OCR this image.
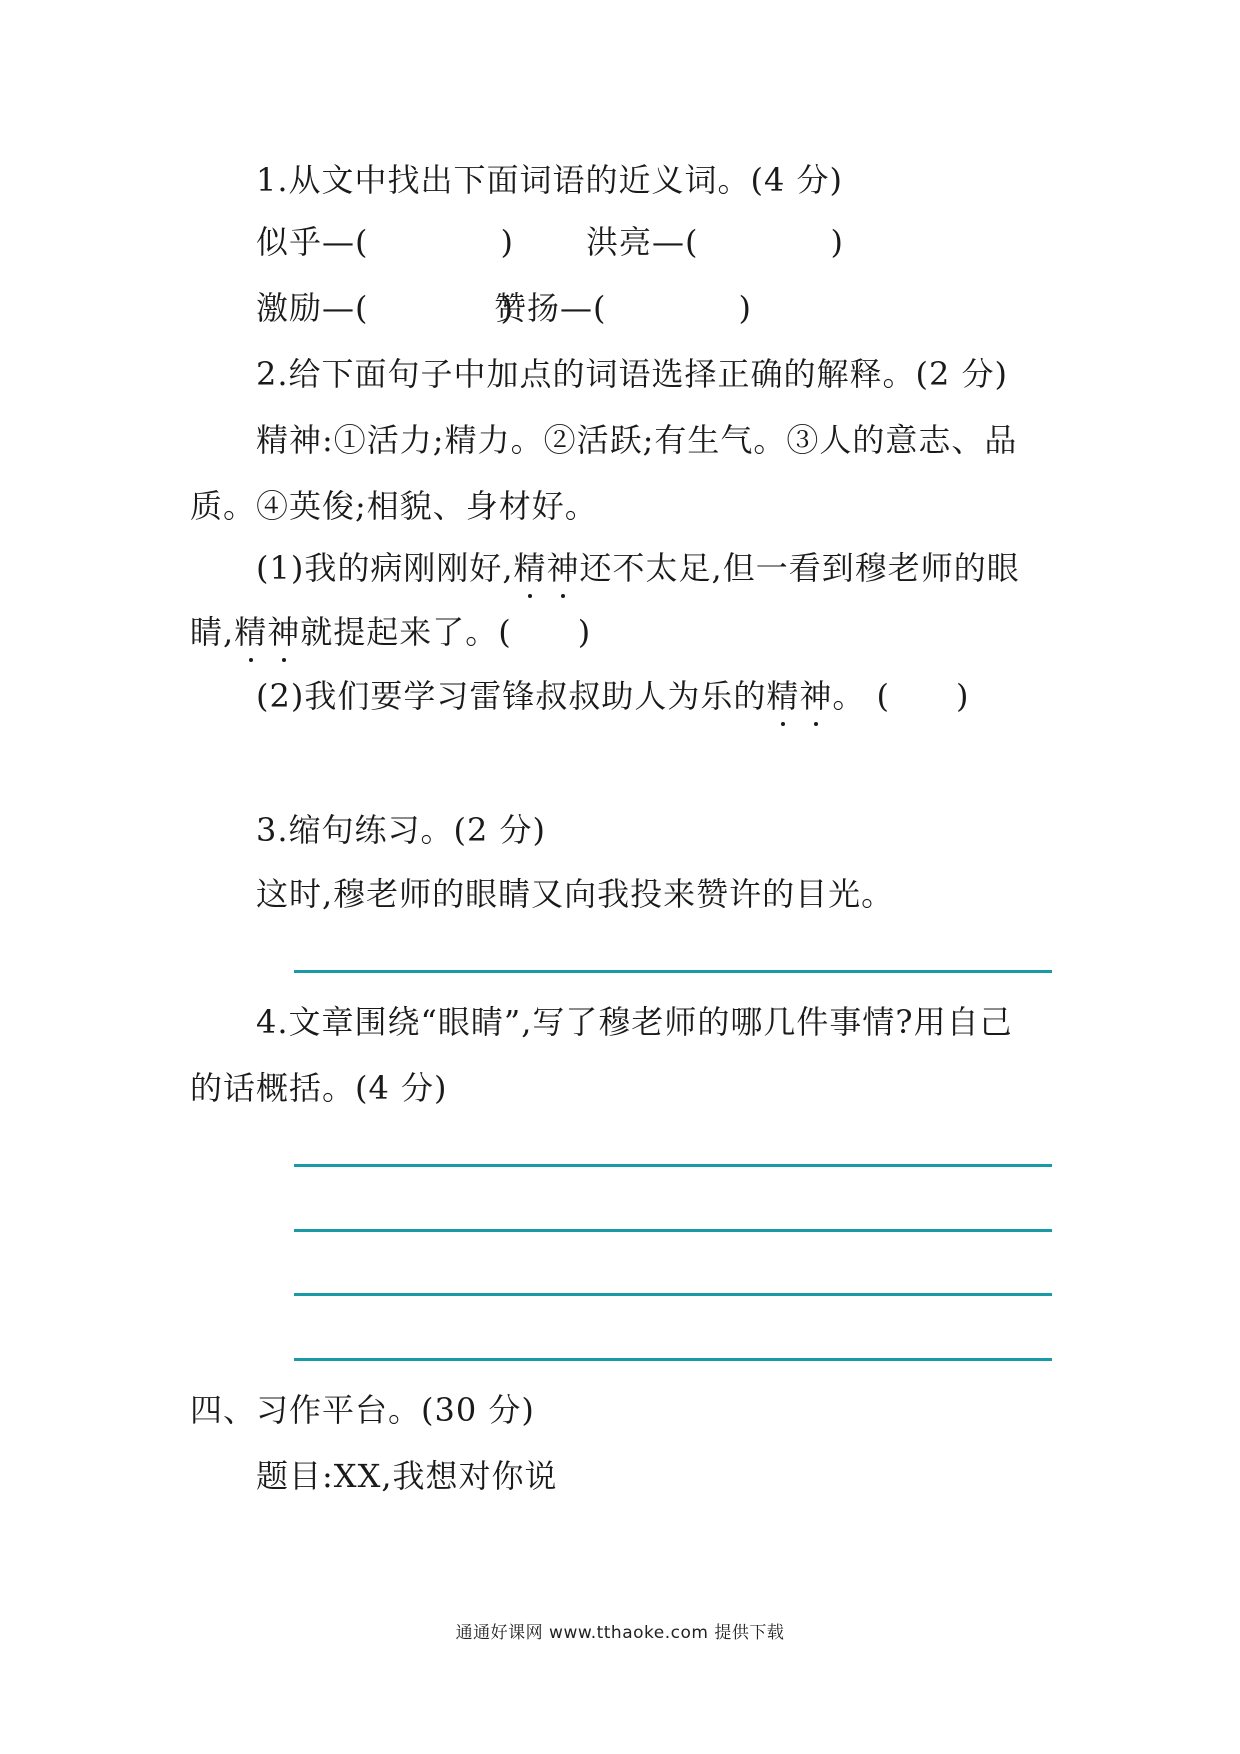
1.从文中找出下面词语的近义词。(4 分)
似乎—(　　　　) 洪亮—(　　　　)
激励—(　　　　)
赞扬—(　　　　)
2.给下面句子中加点的词语选择正确的解释。(2 分)
精神:①活力;精力。②活跃;有生气。③人的意志、品
质。④英俊;相貌、身材好。
(1)我的病刚刚好,精神还不太足,但一看到穆老师的眼
睛,精神就提起来了。(　　)
(2)我们要学习雷锋叔叔助人为乐的精神。 (　　)
3.缩句练习。(2 分)
这时,穆老师的眼睛又向我投来赞许的目光。
4.文章围绕“眼睛”,写了穆老师的哪几件事情?用自己
的话概括。(4 分)
四、习作平台。(30 分)
题目:XX,我想对你说
通通好课网 www.tthaoke.com 提供下载
